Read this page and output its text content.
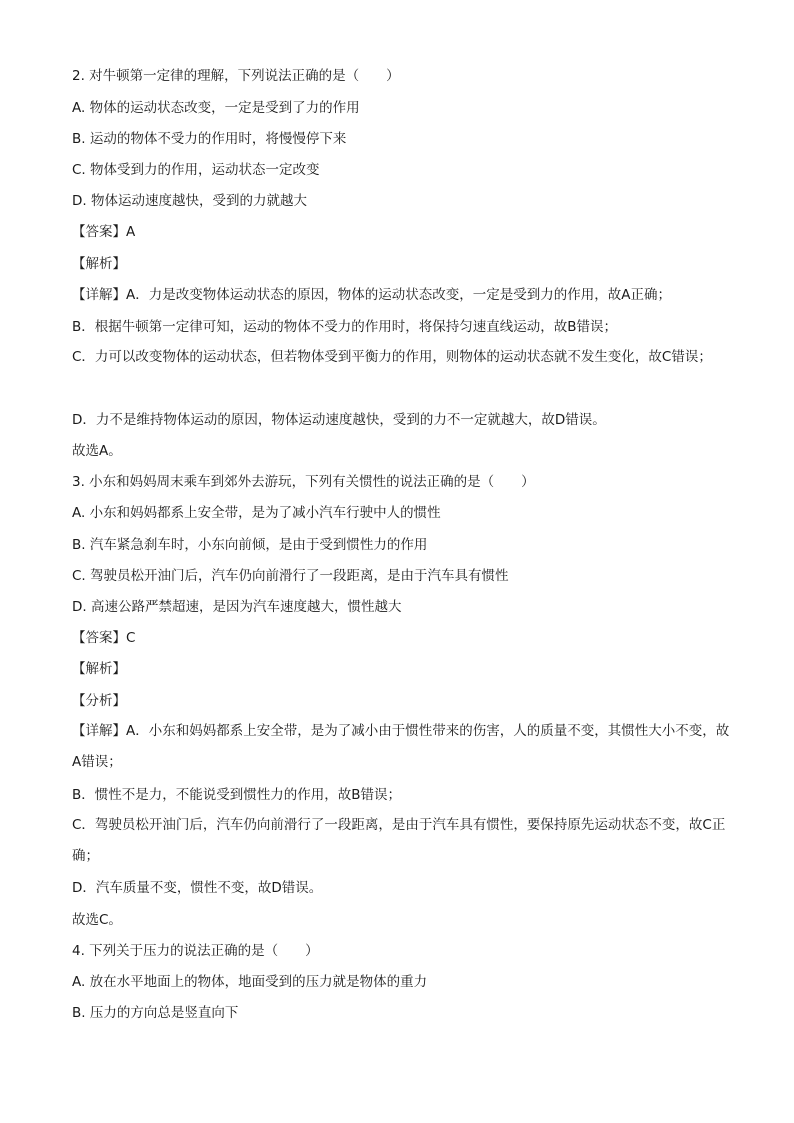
2. 对牛顿第一定律的理解，下列说法正确的是（　　）
A. 物体的运动状态改变，一定是受到了力的作用
B. 运动的物体不受力的作用时，将慢慢停下来
C. 物体受到力的作用，运动状态一定改变
D. 物体运动速度越快，受到的力就越大
【答案】A
【解析】
【详解】A．力是改变物体运动状态的原因，物体的运动状态改变，一定是受到力的作用，故A正确；
B．根据牛顿第一定律可知，运动的物体不受力的作用时，将保持匀速直线运动，故B错误；
C．力可以改变物体的运动状态，但若物体受到平衡力的作用，则物体的运动状态就不发生变化，故C错误；
D．力不是维持物体运动的原因，物体运动速度越快，受到的力不一定就越大，故D错误。
故选A。
3. 小东和妈妈周末乘车到郊外去游玩，下列有关惯性的说法正确的是（　　）
A. 小东和妈妈都系上安全带，是为了减小汽车行驶中人的惯性
B. 汽车紧急刹车时，小东向前倾，是由于受到惯性力的作用
C. 驾驶员松开油门后，汽车仍向前滑行了一段距离，是由于汽车具有惯性
D. 高速公路严禁超速，是因为汽车速度越大，惯性越大
【答案】C
【解析】
【分析】
【详解】A．小东和妈妈都系上安全带，是为了减小由于惯性带来的伤害，人的质量不变，其惯性大小不变，故A错误；
B．惯性不是力，不能说受到惯性力的作用，故B错误；
C．驾驶员松开油门后，汽车仍向前滑行了一段距离，是由于汽车具有惯性，要保持原先运动状态不变，故C正确；
D．汽车质量不变，惯性不变，故D错误。
故选C。
4. 下列关于压力的说法正确的是（　　）
A. 放在水平地面上的物体，地面受到的压力就是物体的重力
B. 压力的方向总是竖直向下
